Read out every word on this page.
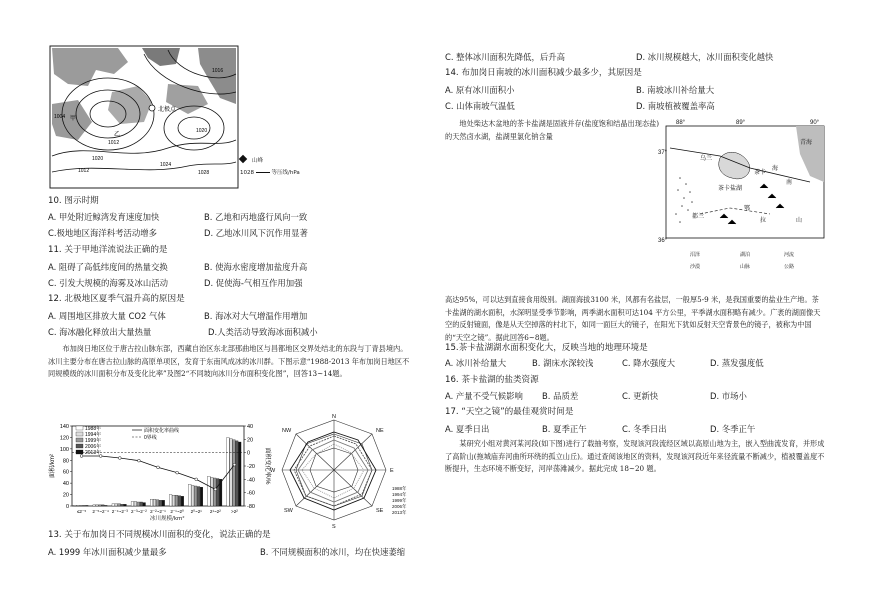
北极点
甲
乙
1004
1012
1024
1028
1020
1016
1012
1020	山峰
1028	等压线/hPa
10. 图示时期
A. 甲处附近鲸湾发育速度加快	B. 乙地和丙地盛行风向一致
C.极地地区海洋科考活动增多	D. 乙地冰川风下沉作用显著
11. 关于甲地洋流说法正确的是
A. 阻碍了高低纬度间的热量交换	B. 使海水密度增加盐度升高
C. 引发大规模的海雾及冰山活动	D. 促使海-气相互作用加强
12. 北极地区夏季气温升高的原因是
A. 周围地区排放大量 CO2 气体	B. 海冰对大气增温作用增加
C. 海冰融化释放出大量热量	D.人类活动导致海冰面积减小
布加岗日地区位于唐古拉山脉东部，西藏自治区东北部那曲地区与昌都地区交界处结北的东段与丁青县境内。冰川主要分布在唐古拉山脉的高原单项区，发育于东南风成冰的冰川群。下图示意“1988-2013 年布加岗日地区不同规模级的冰川面积分布及变化比率”及图2“不同坡向冰川分布面积变化图”，回答13~14题。
0
20
40
60
80
100
120
140	40
20
0
-20
-40
-60
-80
面积/km²	面积变化率/%
≤2⁻⁵ 2⁻⁵~2⁻⁴ 2⁻⁴~2⁻³ 2⁻³~2⁻² 2⁻²~2⁻¹ 2⁻¹~2⁰ 2⁰~2¹ 2¹~2² >2²
1988年
1994年
1999年
2006年
2013年
面积变化率曲线
0界线
冰川规模/km²
N
NE
E
SE
S
SW
W
NW
1988年
1994年
1999年
2006年
2013年
13. 关于布加岗日不同规模冰川面积的变化，说法正确的是
A. 1999 年冰川面积减少量最多	B. 不同规模面积的冰川，均在快速萎缩
C. 整体冰川面积先降低，后升高	D. 冰川规模越大，冰川面积变化越快
14. 布加岗日南坡的冰川面积减少最多少，其原因是
A. 原有冰川面积小	B. 南坡冰川补给量大
C. 山体南坡气温低	D. 南坡植被覆盖率高
地处柴达木盆地的茶卡盐湖是固液并存(盐度饱和结晶出现态盐)的天然卤水湖，盐湖里氯化钠含量
88°	89°	90°
37°
36°
乌兰
茶卡盐湖
茶卡
都兰
青海
海
南
山
鄂
拉
沼泽	湖泊	河流
沙漠	山脉	公路
高达95%，可以达到直接食用级别。湖面海拔3100 米，风都有名盐层，一般厚5-9 米，是我国重要的盐业生产地。茶卡盐湖的湖水面积，水深明显受季节影响，两季湖水面积可达104 平方公里，平季湖水面积略有减少。广袤的湖面像天空的反射镜面，像是从天空掉落的村北下，如同一面巨大的镜子，在阳光下犹如反射天空背景色的镜子，被称为中国的“天空之镜”。据此回答6~8题。
15.茶卡盐湖湖水面积变化大，反映当地的地理环境是
A. 冰川补给量大	B. 湖床水深较浅	C. 降水强度大	D. 蒸发强度低
16. 茶卡盐湖的盐类资源
A. 产量不受气候影响 B. 品质差	C. 更新快	D. 市场小
17. “天空之镜”的最佳观赏时间是
A. 夏季日出	B. 夏季正午	C. 冬季日出	D. 冬季正午
某研究小组对黄河某河段(如下图)进行了载抽考察，发现该河段流经区域以高原山地为主，嵌入型曲流发育，并形成了高阶山(拖城庙弃河曲所环绕的孤立山丘)。通过查阅该地区的资料，发现该河段近年来径流量不断减少，植被覆盖度不断提升，生态环境不断变好，河岸荡滩减少。据此完成 18~20 题。
